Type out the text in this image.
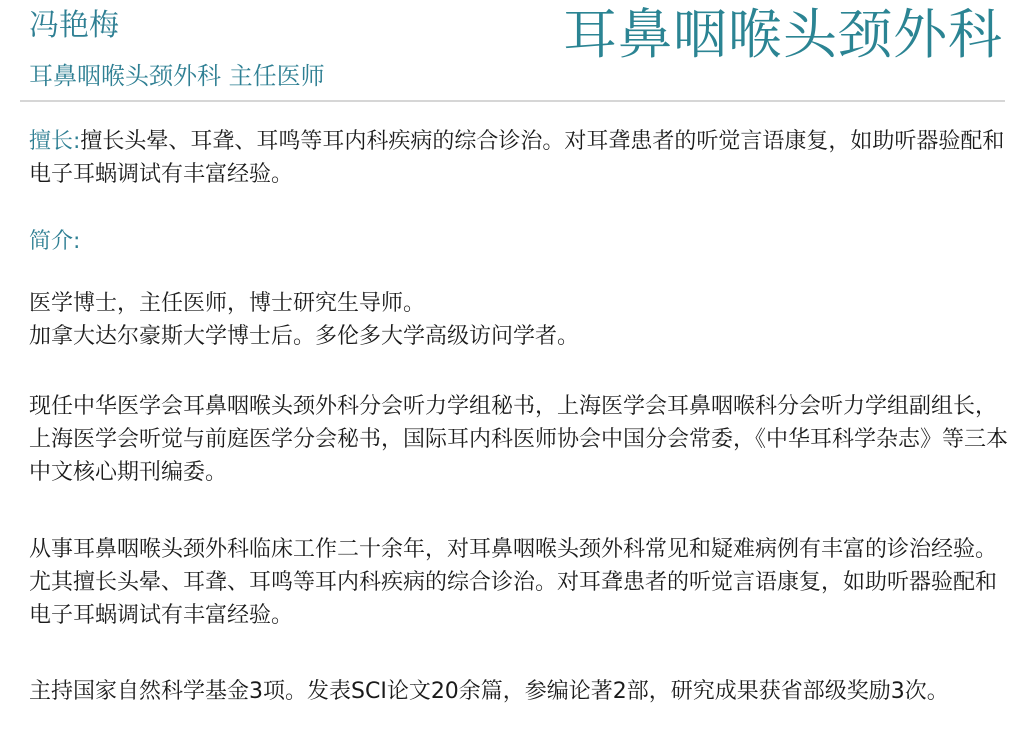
冯艳梅
耳鼻咽喉头颈外科 主任医师
耳鼻咽喉头颈外科

擅长:擅长头晕、耳聋、耳鸣等耳内科疾病的综合诊治。对耳聋患者的听觉言语康复，如助听器验配和电子耳蜗调试有丰富经验。

简介:

医学博士，主任医师，博士研究生导师。

加拿大达尔豪斯大学博士后。多伦多大学高级访问学者。

现任中华医学会耳鼻咽喉头颈外科分会听力学组秘书，上海医学会耳鼻咽喉科分会听力学组副组长，上海医学会听觉与前庭医学分会秘书，国际耳内科医师协会中国分会常委，《中华耳科学杂志》等三本中文核心期刊编委。

从事耳鼻咽喉头颈外科临床工作二十余年，对耳鼻咽喉头颈外科常见和疑难病例有丰富的诊治经验。尤其擅长头晕、耳聋、耳鸣等耳内科疾病的综合诊治。对耳聋患者的听觉言语康复，如助听器验配和电子耳蜗调试有丰富经验。

主持国家自然科学基金3项。发表SCI论文20余篇，参编论著2部，研究成果获省部级奖励3次。
